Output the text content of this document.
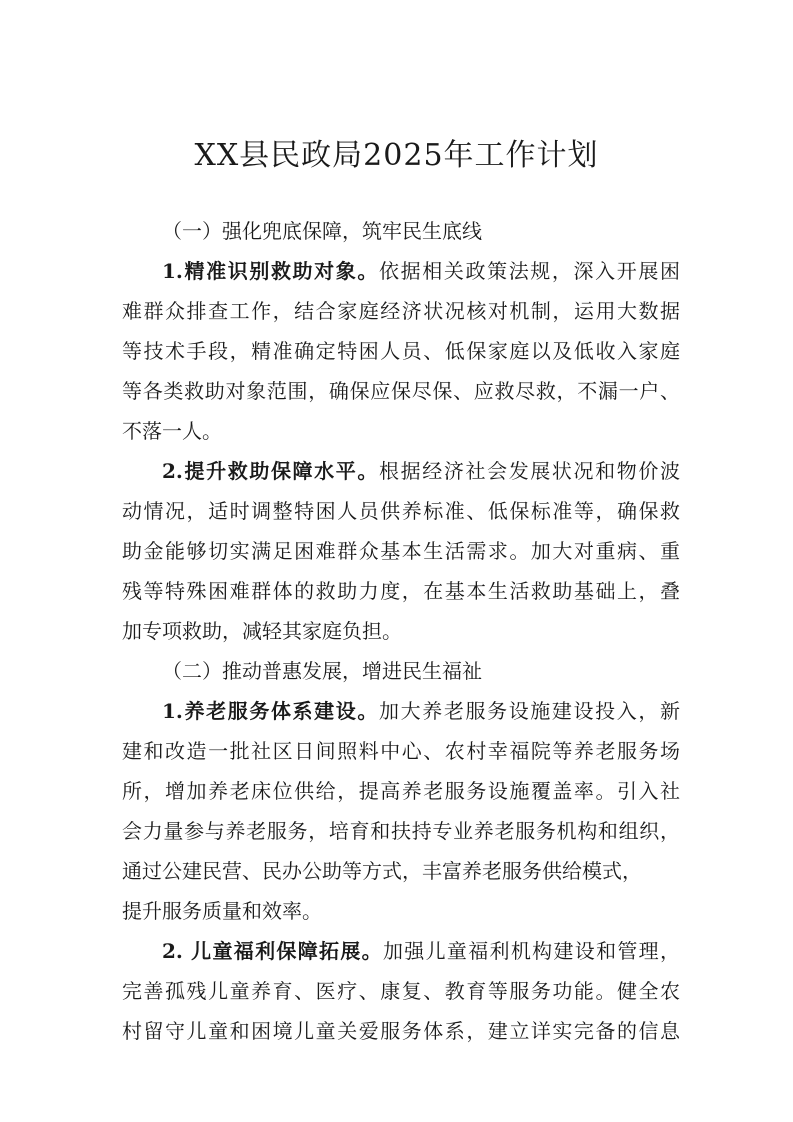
XX县民政局2025年工作计划
（一）强化兜底保障，筑牢民生底线
1.精准识别救助对象。依据相关政策法规，深入开展困
难群众排查工作，结合家庭经济状况核对机制，运用大数据
等技术手段，精准确定特困人员、低保家庭以及低收入家庭
等各类救助对象范围，确保应保尽保、应救尽救，不漏一户、
不落一人。
2.提升救助保障水平。根据经济社会发展状况和物价波
动情况，适时调整特困人员供养标准、低保标准等，确保救
助金能够切实满足困难群众基本生活需求。加大对重病、重
残等特殊困难群体的救助力度，在基本生活救助基础上，叠
加专项救助，减轻其家庭负担。
（二）推动普惠发展，增进民生福祉
1.养老服务体系建设。加大养老服务设施建设投入，新
建和改造一批社区日间照料中心、农村幸福院等养老服务场
所，增加养老床位供给，提高养老服务设施覆盖率。引入社
会力量参与养老服务，培育和扶持专业养老服务机构和组织，
通过公建民营、民办公助等方式，丰富养老服务供给模式，
提升服务质量和效率。
2. 儿童福利保障拓展。加强儿童福利机构建设和管理，
完善孤残儿童养育、医疗、康复、教育等服务功能。健全农
村留守儿童和困境儿童关爱服务体系，建立详实完备的信息
